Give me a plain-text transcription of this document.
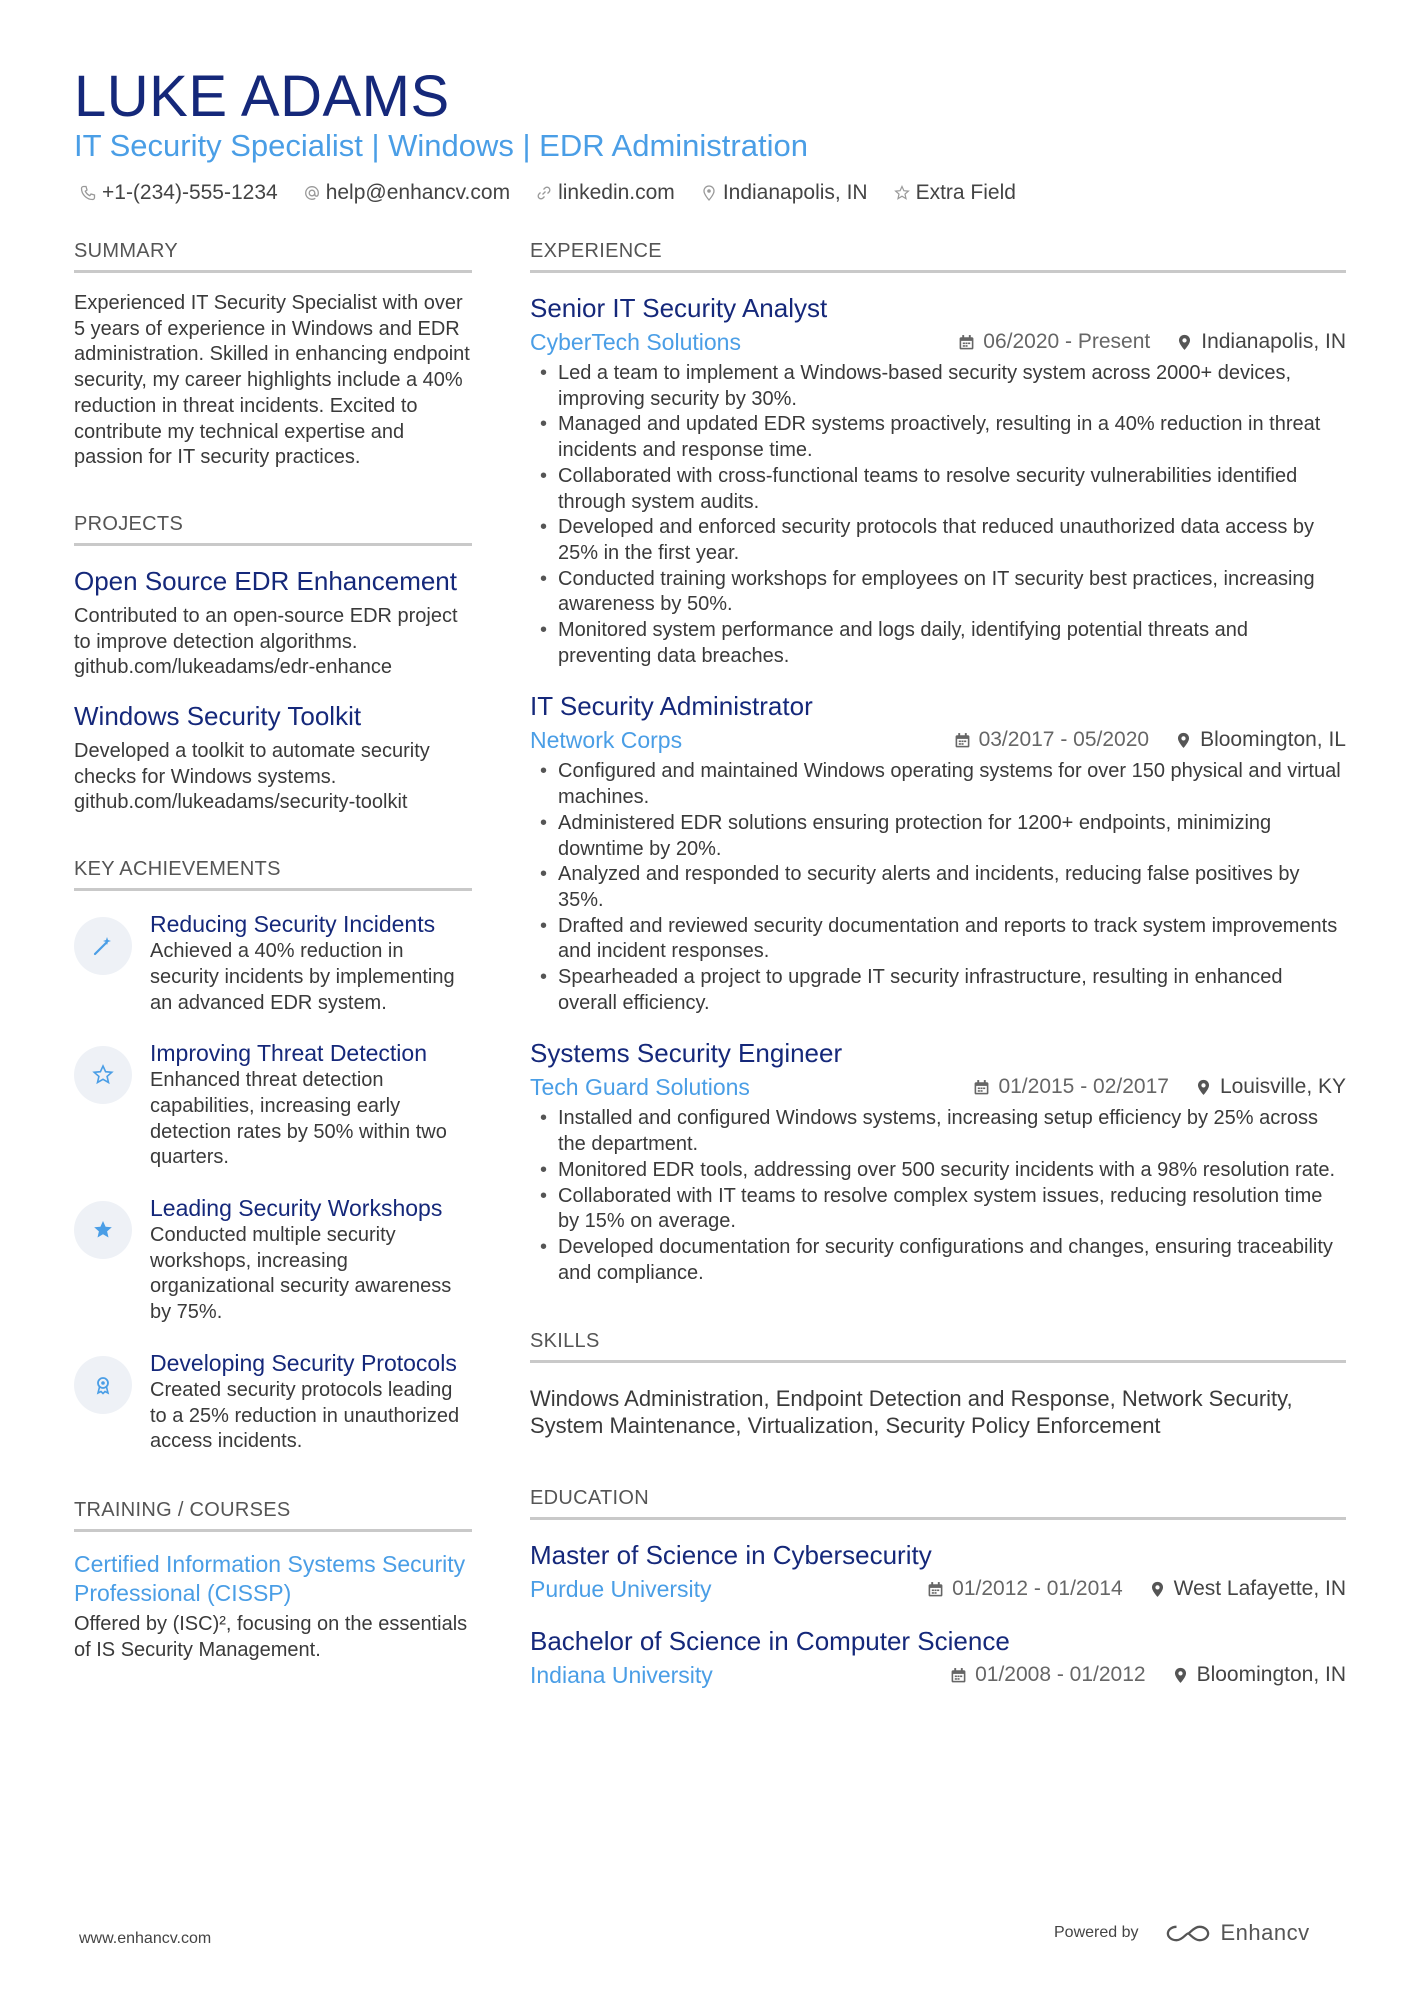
LUKE ADAMS
IT Security Specialist | Windows | EDR Administration
+1-(234)-555-1234 help@enhancv.com linkedin.com Indianapolis, IN Extra Field
SUMMARY
Experienced IT Security Specialist with over 5 years of experience in Windows and EDR administration. Skilled in enhancing endpoint security, my career highlights include a 40% reduction in threat incidents. Excited to contribute my technical expertise and passion for IT security practices.
PROJECTS
Open Source EDR Enhancement
Contributed to an open-source EDR project to improve detection algorithms. github.com/lukeadams/edr-enhance
Windows Security Toolkit
Developed a toolkit to automate security checks for Windows systems. github.com/lukeadams/security-toolkit
KEY ACHIEVEMENTS
Reducing Security Incidents
Achieved a 40% reduction in security incidents by implementing an advanced EDR system.
Improving Threat Detection
Enhanced threat detection capabilities, increasing early detection rates by 50% within two quarters.
Leading Security Workshops
Conducted multiple security workshops, increasing organizational security awareness by 75%.
Developing Security Protocols
Created security protocols leading to a 25% reduction in unauthorized access incidents.
TRAINING / COURSES
Certified Information Systems Security Professional (CISSP)
Offered by (ISC)², focusing on the essentials of IS Security Management.
EXPERIENCE
Senior IT Security Analyst
CyberTech Solutions	06/2020 - Present Indianapolis, IN
• Led a team to implement a Windows-based security system across 2000+ devices, improving security by 30%.
• Managed and updated EDR systems proactively, resulting in a 40% reduction in threat incidents and response time.
• Collaborated with cross-functional teams to resolve security vulnerabilities identified through system audits.
• Developed and enforced security protocols that reduced unauthorized data access by 25% in the first year.
• Conducted training workshops for employees on IT security best practices, increasing awareness by 50%.
• Monitored system performance and logs daily, identifying potential threats and preventing data breaches.
IT Security Administrator
Network Corps	03/2017 - 05/2020 Bloomington, IL
• Configured and maintained Windows operating systems for over 150 physical and virtual machines.
• Administered EDR solutions ensuring protection for 1200+ endpoints, minimizing downtime by 20%.
• Analyzed and responded to security alerts and incidents, reducing false positives by 35%.
• Drafted and reviewed security documentation and reports to track system improvements and incident responses.
• Spearheaded a project to upgrade IT security infrastructure, resulting in enhanced overall efficiency.
Systems Security Engineer
Tech Guard Solutions	01/2015 - 02/2017 Louisville, KY
• Installed and configured Windows systems, increasing setup efficiency by 25% across the department.
• Monitored EDR tools, addressing over 500 security incidents with a 98% resolution rate.
• Collaborated with IT teams to resolve complex system issues, reducing resolution time by 15% on average.
• Developed documentation for security configurations and changes, ensuring traceability and compliance.
SKILLS
Windows Administration, Endpoint Detection and Response, Network Security, System Maintenance, Virtualization, Security Policy Enforcement
EDUCATION
Master of Science in Cybersecurity
Purdue University	01/2012 - 01/2014 West Lafayette, IN
Bachelor of Science in Computer Science
Indiana University	01/2008 - 01/2012 Bloomington, IN
www.enhancv.com	Powered by	Enhancv
